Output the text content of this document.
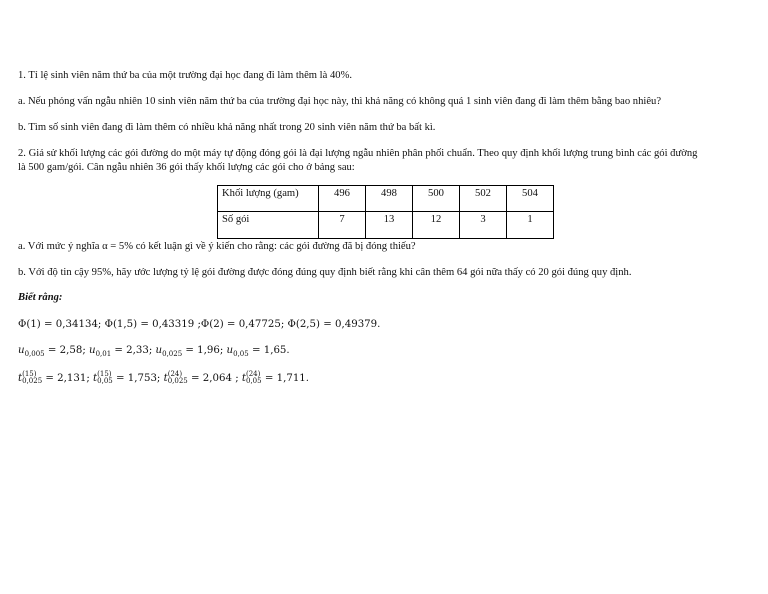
1. Tỉ lệ sinh viên năm thứ ba của một trường đại học đang đi làm thêm là 40%.
a. Nếu phỏng vấn ngẫu nhiên 10 sinh viên năm thứ ba của trường đại học này, thì khả năng có không quá 1 sinh viên đang đi làm thêm bằng bao nhiêu?
b. Tìm số sinh viên đang đi làm thêm có nhiều khả năng nhất trong 20 sinh viên năm thứ ba bất kì.
2. Giả sử khối lượng các gói đường do một máy tự động đóng gói là đại lượng ngẫu nhiên phân phối chuẩn. Theo quy định khối lượng trung bình các gói đường
là 500 gam/gói. Cân ngẫu nhiên 36 gói thấy khối lượng các gói cho ở bảng sau:
Khối lượng (gam)	496	498	500	502	504
Số gói	7	13	12	3	1
a. Với mức ý nghĩa α = 5% có kết luận gì về ý kiến cho rằng: các gói đường đã bị đóng thiếu?
b. Với độ tin cậy 95%, hãy ước lượng tỷ lệ gói đường được đóng đúng quy định biết rằng khi cân thêm 64 gói nữa thấy có 20 gói đúng quy định.
Biết rằng:
Φ(1) = 0,34134; Φ(1,5) = 0,43319 ;Φ(2) = 0,47725; Φ(2,5) = 0,49379.
$u_{0,005} = 2,58$; $u_{0,01} = 2,33$; $u_{0,025} = 1,96$; $u_{0,05} = 1,65$.
t (15)
0,025 = 2,131; t (15)
0,05 = 1,753; t (24)
0,025 = 2,064 ; t (24)
0,05 = 1,711.
